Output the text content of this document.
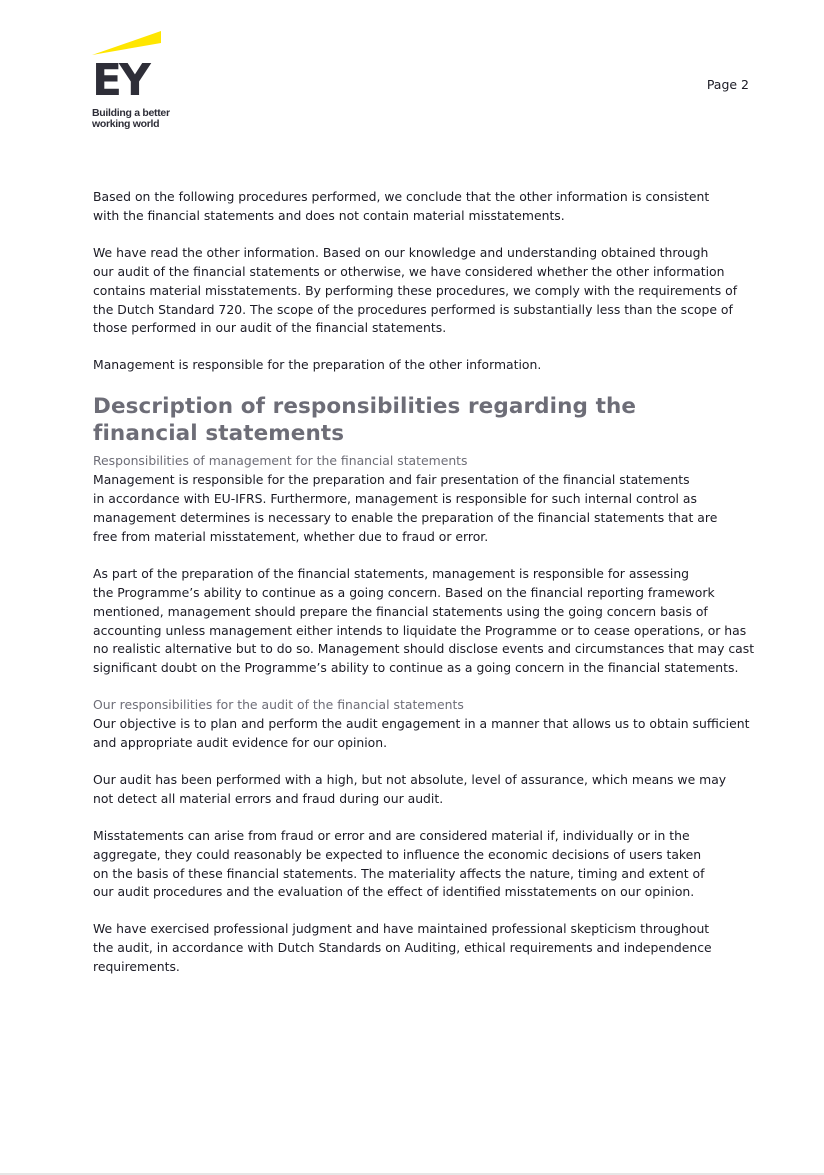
EY
Building a better
working world
Page 2

Based on the following procedures performed, we conclude that the other information is consistent
with the financial statements and does not contain material misstatements.

We have read the other information. Based on our knowledge and understanding obtained through
our audit of the financial statements or otherwise, we have considered whether the other information
contains material misstatements. By performing these procedures, we comply with the requirements of
the Dutch Standard 720. The scope of the procedures performed is substantially less than the scope of
those performed in our audit of the financial statements.

Management is responsible for the preparation of the other information.

Description of responsibilities regarding the
financial statements
Responsibilities of management for the financial statements

Management is responsible for the preparation and fair presentation of the financial statements
in accordance with EU-IFRS. Furthermore, management is responsible for such internal control as
management determines is necessary to enable the preparation of the financial statements that are
free from material misstatement, whether due to fraud or error.

As part of the preparation of the financial statements, management is responsible for assessing
the Programme’s ability to continue as a going concern. Based on the financial reporting framework
mentioned, management should prepare the financial statements using the going concern basis of
accounting unless management either intends to liquidate the Programme or to cease operations, or has
no realistic alternative but to do so. Management should disclose events and circumstances that may cast
significant doubt on the Programme’s ability to continue as a going concern in the financial statements.

Our responsibilities for the audit of the financial statements

Our objective is to plan and perform the audit engagement in a manner that allows us to obtain sufficient
and appropriate audit evidence for our opinion.

Our audit has been performed with a high, but not absolute, level of assurance, which means we may
not detect all material errors and fraud during our audit.

Misstatements can arise from fraud or error and are considered material if, individually or in the
aggregate, they could reasonably be expected to influence the economic decisions of users taken
on the basis of these financial statements. The materiality affects the nature, timing and extent of
our audit procedures and the evaluation of the effect of identified misstatements on our opinion.

We have exercised professional judgment and have maintained professional skepticism throughout
the audit, in accordance with Dutch Standards on Auditing, ethical requirements and independence
requirements.
